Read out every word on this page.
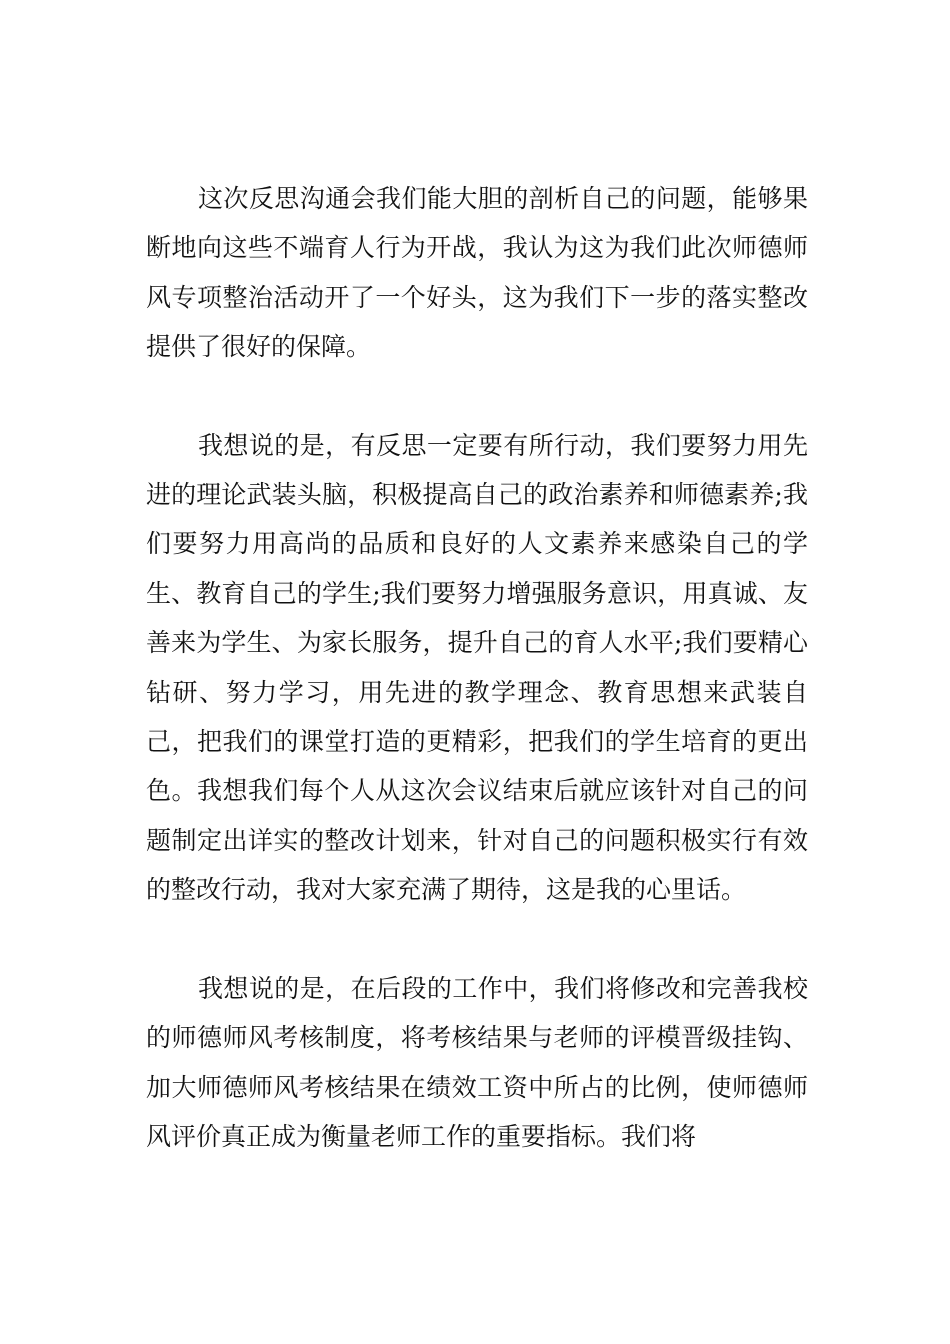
这次反思沟通会我们能大胆的剖析自己的问题，能够果断地向这些不端育人行为开战，我认为这为我们此次师德师风专项整治活动开了一个好头，这为我们下一步的落实整改提供了很好的保障。

我想说的是，有反思一定要有所行动，我们要努力用先进的理论武装头脑，积极提高自己的政治素养和师德素养;我们要努力用高尚的品质和良好的人文素养来感染自己的学生、教育自己的学生;我们要努力增强服务意识，用真诚、友善来为学生、为家长服务，提升自己的育人水平;我们要精心钻研、努力学习，用先进的教学理念、教育思想来武装自己，把我们的课堂打造的更精彩，把我们的学生培育的更出色。我想我们每个人从这次会议结束后就应该针对自己的问题制定出详实的整改计划来，针对自己的问题积极实行有效的整改行动，我对大家充满了期待，这是我的心里话。

我想说的是，在后段的工作中，我们将修改和完善我校的师德师风考核制度，将考核结果与老师的评模晋级挂钩、加大师德师风考核结果在绩效工资中所占的比例，使师德师风评价真正成为衡量老师工作的重要指标。我们将
